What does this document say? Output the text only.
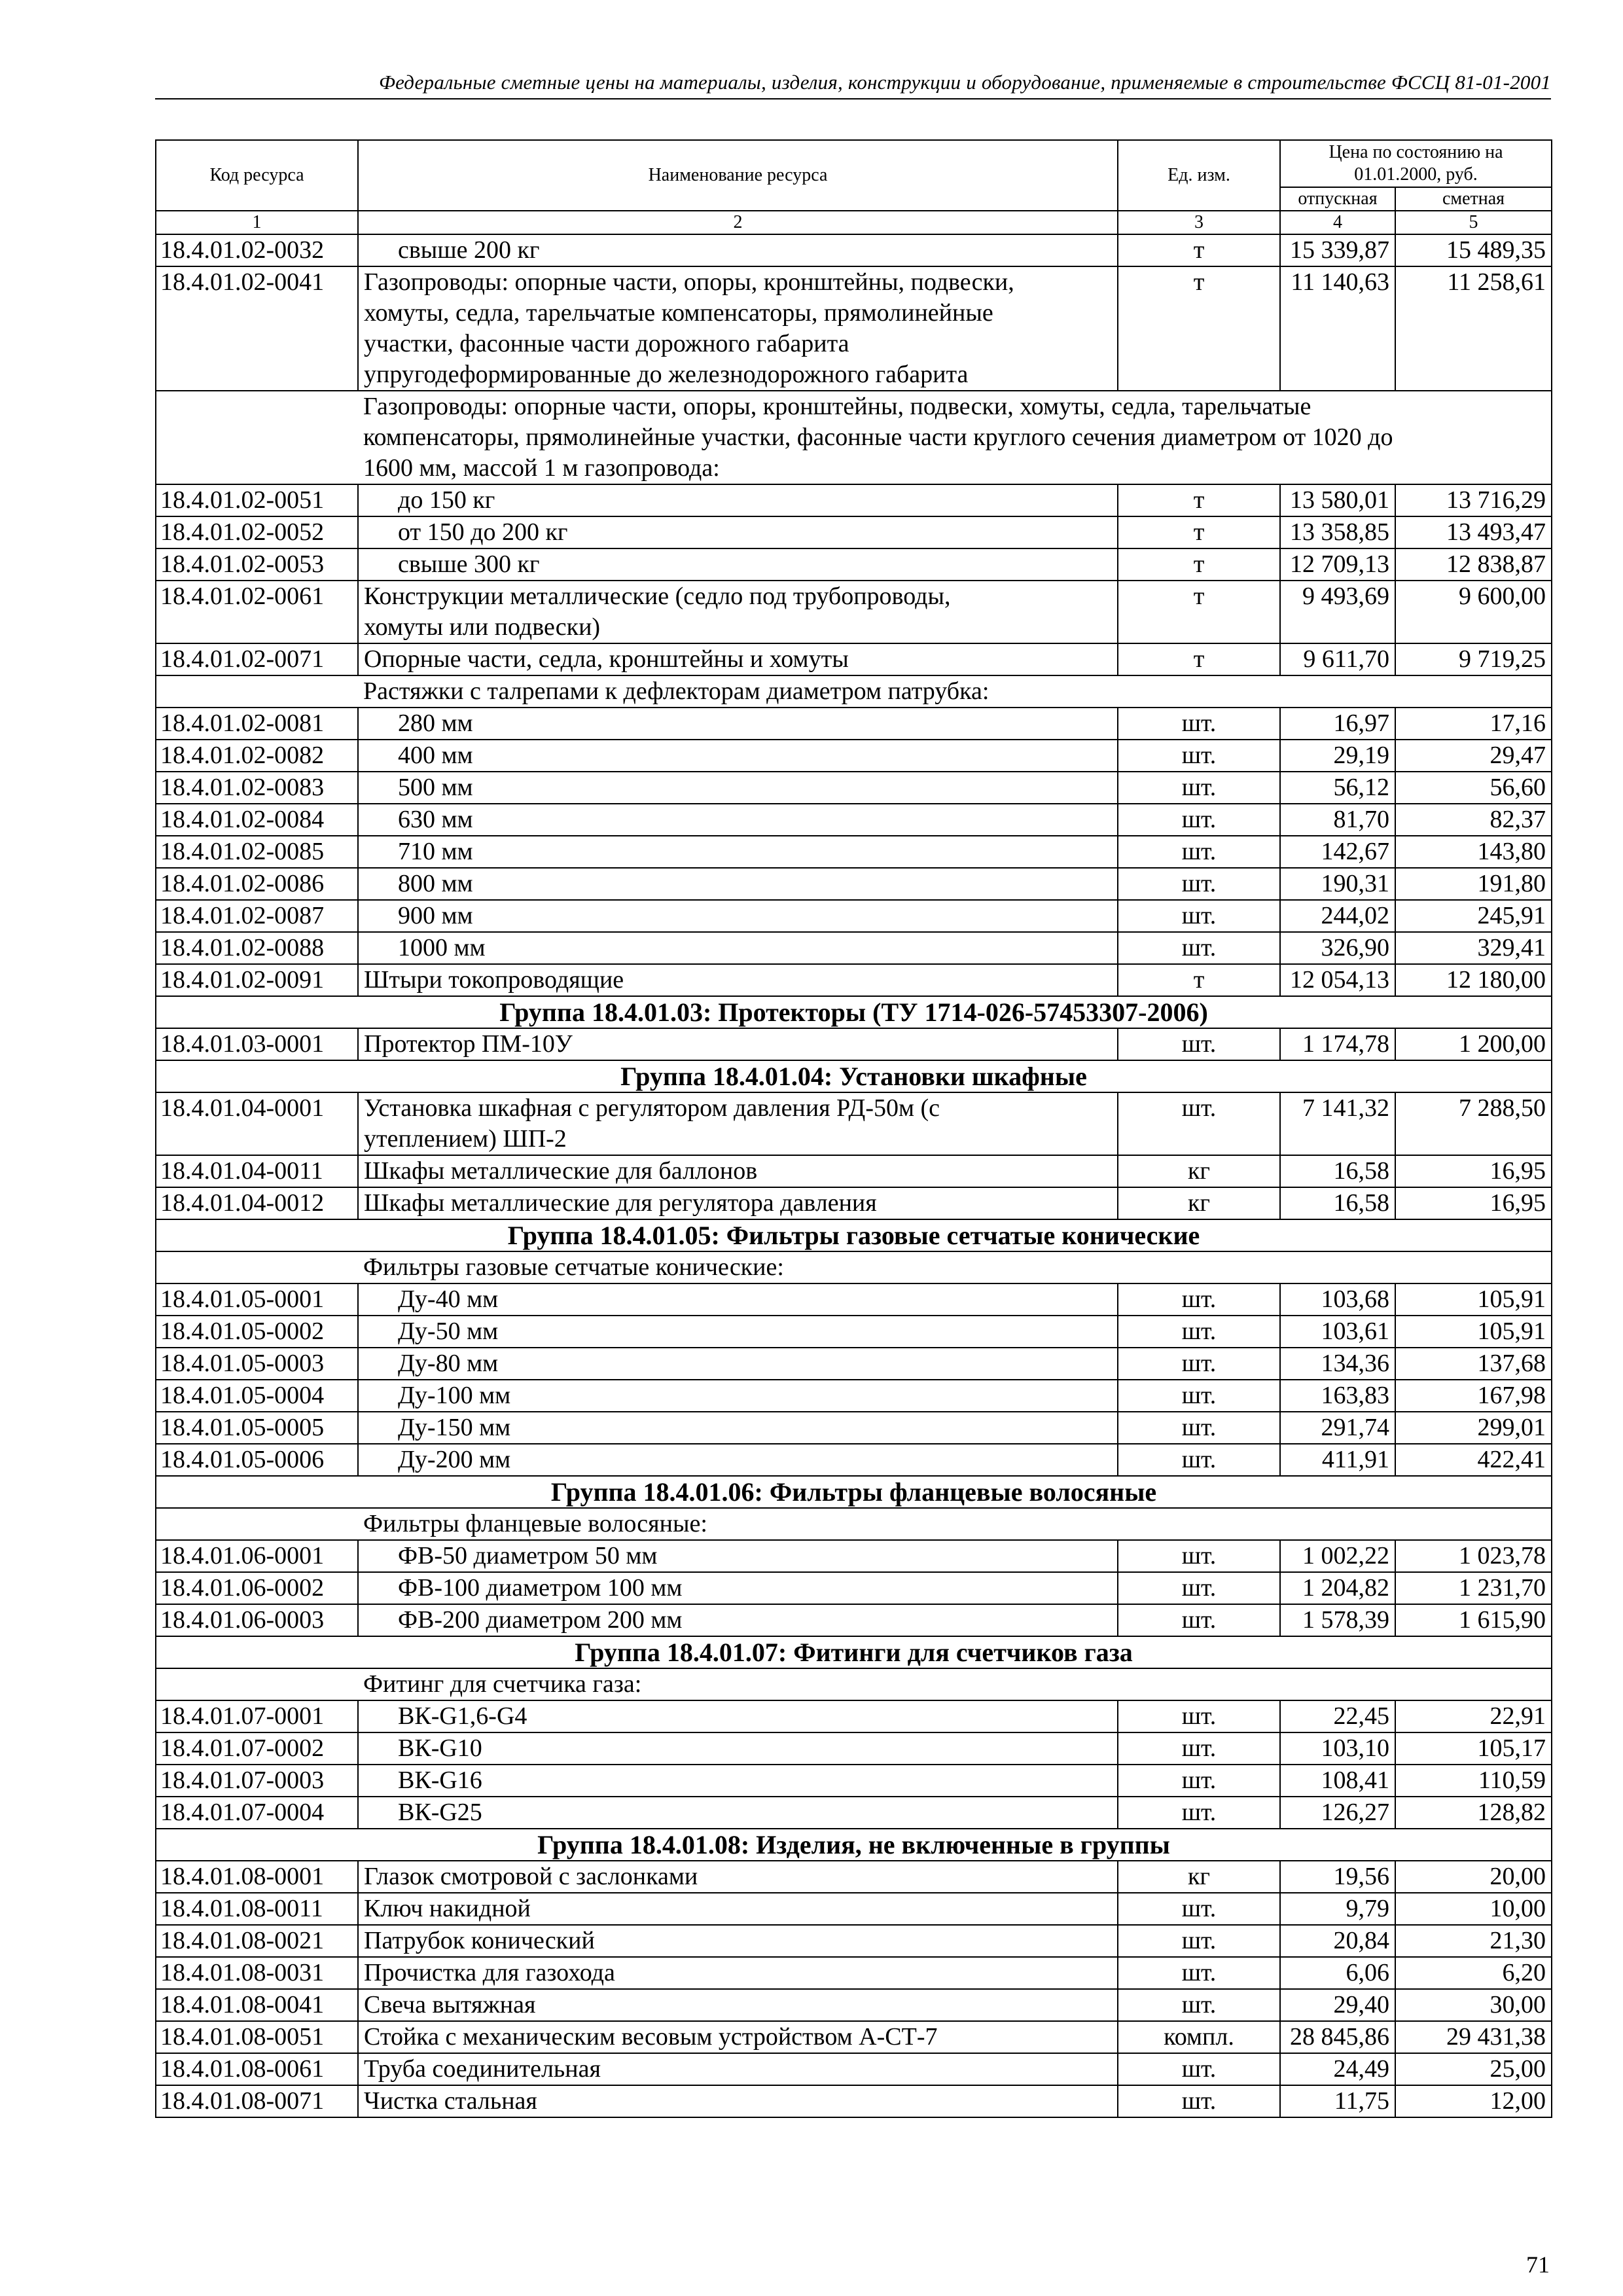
Федеральные сметные цены на материалы, изделия, конструкции и оборудование, применяемые в строительстве ФССЦ 81-01-2001
Код ресурса	Наименование ресурса	Ед. изм.	Цена по состоянию на 01.01.2000, руб.	
			отпускная	сметная
1	2	3	4	5
18.4.01.02-0032	свыше 200 кг	т	15 339,87	15 489,35
18.4.01.02-0041	Газопроводы: опорные части, опоры, кронштейны, подвески,
хомуты, седла, тарельчатые компенсаторы, прямолинейные
участки, фасонные части дорожного габарита
упругодеформированные до железнодорожного габарита	т	11 140,63	11 258,61
	Газопроводы: опорные части, опоры, кронштейны, подвески, хомуты, седла, тарельчатые
компенсаторы, прямолинейные участки, фасонные части круглого сечения диаметром от 1020 до
1600 мм, массой 1 м газопровода:			
18.4.01.02-0051	до 150 кг	т	13 580,01	13 716,29
18.4.01.02-0052	от 150 до 200 кг	т	13 358,85	13 493,47
18.4.01.02-0053	свыше 300 кг	т	12 709,13	12 838,87
18.4.01.02-0061	Конструкции металлические (седло под трубопроводы,
хомуты или подвески)	т	9 493,69	9 600,00
18.4.01.02-0071	Опорные части, седла, кронштейны и хомуты	т	9 611,70	9 719,25
	Растяжки с талрепами к дефлекторам диаметром патрубка:			
18.4.01.02-0081	280 мм	шт.	16,97	17,16
18.4.01.02-0082	400 мм	шт.	29,19	29,47
18.4.01.02-0083	500 мм	шт.	56,12	56,60
18.4.01.02-0084	630 мм	шт.	81,70	82,37
18.4.01.02-0085	710 мм	шт.	142,67	143,80
18.4.01.02-0086	800 мм	шт.	190,31	191,80
18.4.01.02-0087	900 мм	шт.	244,02	245,91
18.4.01.02-0088	1000 мм	шт.	326,90	329,41
18.4.01.02-0091	Штыри токопроводящие	т	12 054,13	12 180,00
Группа 18.4.01.03: Протекторы (ТУ 1714-026-57453307-2006)				
18.4.01.03-0001	Протектор ПМ-10У	шт.	1 174,78	1 200,00
Группа 18.4.01.04: Установки шкафные				
18.4.01.04-0001	Установка шкафная с регулятором давления РД-50м (с
утеплением) ШП-2	шт.	7 141,32	7 288,50
18.4.01.04-0011	Шкафы металлические для баллонов	кг	16,58	16,95
18.4.01.04-0012	Шкафы металлические для регулятора давления	кг	16,58	16,95
Группа 18.4.01.05: Фильтры газовые сетчатые конические				
	Фильтры газовые сетчатые конические:			
18.4.01.05-0001	Ду-40 мм	шт.	103,68	105,91
18.4.01.05-0002	Ду-50 мм	шт.	103,61	105,91
18.4.01.05-0003	Ду-80 мм	шт.	134,36	137,68
18.4.01.05-0004	Ду-100 мм	шт.	163,83	167,98
18.4.01.05-0005	Ду-150 мм	шт.	291,74	299,01
18.4.01.05-0006	Ду-200 мм	шт.	411,91	422,41
Группа 18.4.01.06: Фильтры фланцевые волосяные				
	Фильтры фланцевые волосяные:			
18.4.01.06-0001	ФВ-50 диаметром 50 мм	шт.	1 002,22	1 023,78
18.4.01.06-0002	ФВ-100 диаметром 100 мм	шт.	1 204,82	1 231,70
18.4.01.06-0003	ФВ-200 диаметром 200 мм	шт.	1 578,39	1 615,90
Группа 18.4.01.07: Фитинги для счетчиков газа				
	Фитинг для счетчика газа:			
18.4.01.07-0001	ВК-G1,6-G4	шт.	22,45	22,91
18.4.01.07-0002	ВК-G10	шт.	103,10	105,17
18.4.01.07-0003	ВК-G16	шт.	108,41	110,59
18.4.01.07-0004	ВК-G25	шт.	126,27	128,82
Группа 18.4.01.08: Изделия, не включенные в группы				
18.4.01.08-0001	Глазок смотровой с заслонками	кг	19,56	20,00
18.4.01.08-0011	Ключ накидной	шт.	9,79	10,00
18.4.01.08-0021	Патрубок конический	шт.	20,84	21,30
18.4.01.08-0031	Прочистка для газохода	шт.	6,06	6,20
18.4.01.08-0041	Свеча вытяжная	шт.	29,40	30,00
18.4.01.08-0051	Стойка с механическим весовым устройством А-СТ-7	компл.	28 845,86	29 431,38
18.4.01.08-0061	Труба соединительная	шт.	24,49	25,00
18.4.01.08-0071	Чистка стальная	шт.	11,75	12,00
71
